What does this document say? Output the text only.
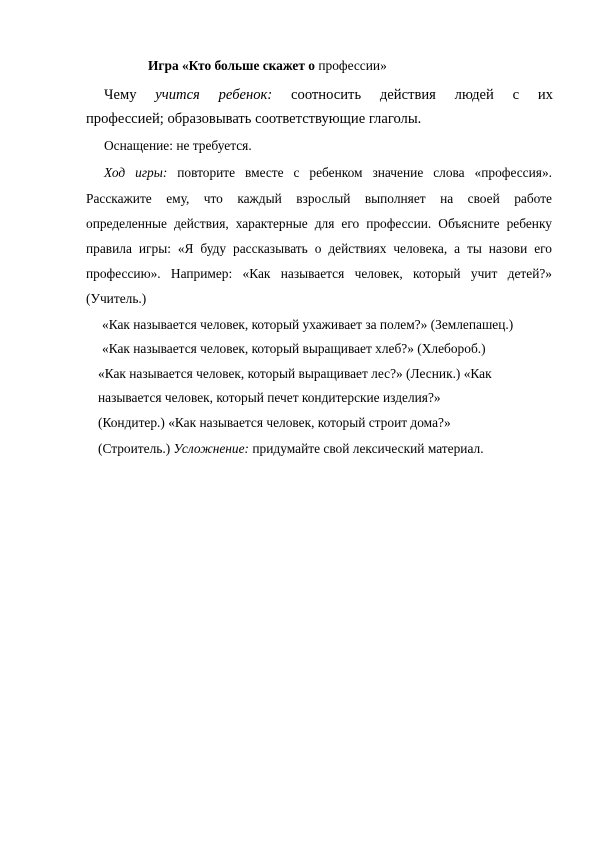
Игра «Кто больше скажет о профессии»
Чему учится ребенок: соотносить действия людей с их
профессией; образовывать соответствующие глаголы.
Оснащение: не требуется.
Ход игры: повторите вместе с ребенком значение слова «профессия».
Расскажите ему, что каждый взрослый выполняет на своей работе
определенные действия, характерные для его профессии. Объясните ребенку
правила игры: «Я буду рассказывать о действиях человека, а ты назови его
профессию». Например: «Как называется человек, который учит детей?»
(Учитель.)
«Как называется человек, который ухаживает за полем?» (Землепашец.)
«Как называется человек, который выращивает хлеб?» (Хлебороб.)
«Как называется человек, который выращивает лес?» (Лесник.) «Как
называется человек, который печет кондитерские изделия?»
(Кондитер.) «Как называется человек, который строит дома?»
(Строитель.) Усложнение: придумайте свой лексический материал.
